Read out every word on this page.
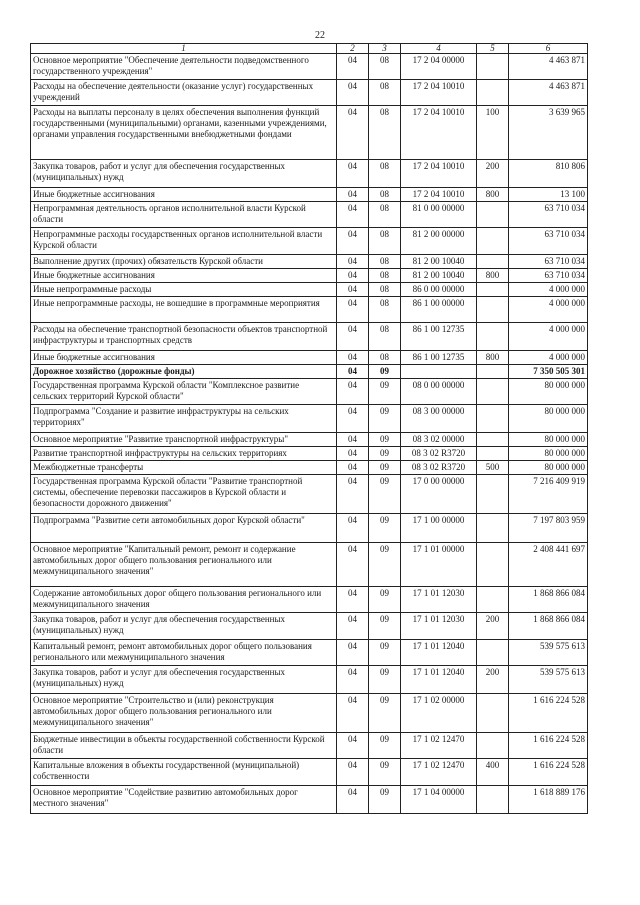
22
1	2	3	4	5	6
Основное мероприятие "Обеспечение деятельности подведомственного государственного учреждения"	04	08	17 2 04 00000		4 463 871
Расходы на обеспечение деятельности (оказание услуг) государственных учреждений	04	08	17 2 04 10010		4 463 871
Расходы на выплаты персоналу в целях обеспечения выполнения функций государственными (муниципальными) органами, казенными учреждениями, органами управления государственными внебюджетными фондами	04	08	17 2 04 10010	100	3 639 965
Закупка товаров, работ и услуг для обеспечения государственных (муниципальных) нужд	04	08	17 2 04 10010	200	810 806
Иные бюджетные ассигнования	04	08	17 2 04 10010	800	13 100
Непрограммная деятельность органов исполнительной власти Курской области	04	08	81 0 00 00000		63 710 034
Непрограммные расходы государственных органов исполнительной власти Курской области	04	08	81 2 00 00000		63 710 034
Выполнение других (прочих) обязательств Курской области	04	08	81 2 00 10040		63 710 034
Иные бюджетные ассигнования	04	08	81 2 00 10040	800	63 710 034
Иные непрограммные расходы	04	08	86 0 00 00000		4 000 000
Иные непрограммные расходы, не вошедшие в программные мероприятия	04	08	86 1 00 00000		4 000 000
Расходы на обеспечение транспортной безопасности объектов транспортной инфраструктуры и транспортных средств	04	08	86 1 00 12735		4 000 000
Иные бюджетные ассигнования	04	08	86 1 00 12735	800	4 000 000
Дорожное хозяйство (дорожные фонды)	04	09			7 350 505 301
Государственная программа Курской области "Комплексное развитие сельских территорий Курской области"	04	09	08 0 00 00000		80 000 000
Подпрограмма "Создание и развитие инфраструктуры на сельских территориях"	04	09	08 3 00 00000		80 000 000
Основное мероприятие "Развитие транспортной инфраструктуры"	04	09	08 3 02 00000		80 000 000
Развитие транспортной инфраструктуры на сельских территориях	04	09	08 3 02 R3720		80 000 000
Межбюджетные трансферты	04	09	08 3 02 R3720	500	80 000 000
Государственная программа Курской области "Развитие транспортной системы, обеспечение перевозки пассажиров в Курской области и безопасности дорожного движения"	04	09	17 0 00 00000		7 216 409 919
Подпрограмма "Развитие сети автомобильных дорог Курской области"	04	09	17 1 00 00000		7 197 803 959
Основное мероприятие "Капитальный ремонт, ремонт и содержание автомобильных дорог общего пользования регионального или межмуниципального значения"	04	09	17 1 01 00000		2 408 441 697
Содержание автомобильных дорог общего пользования регионального или межмуниципального значения	04	09	17 1 01 12030		1 868 866 084
Закупка товаров, работ и услуг для обеспечения государственных (муниципальных) нужд	04	09	17 1 01 12030	200	1 868 866 084
Капитальный ремонт, ремонт автомобильных дорог общего пользования регионального или межмуниципального значения	04	09	17 1 01 12040		539 575 613
Закупка товаров, работ и услуг для обеспечения государственных (муниципальных) нужд	04	09	17 1 01 12040	200	539 575 613
Основное мероприятие "Строительство и (или) реконструкция автомобильных дорог общего пользования регионального или межмуниципального значения"	04	09	17 1 02 00000		1 616 224 528
Бюджетные инвестиции в объекты государственной собственности Курской области	04	09	17 1 02 12470		1 616 224 528
Капитальные вложения в объекты государственной (муниципальной) собственности	04	09	17 1 02 12470	400	1 616 224 528
Основное мероприятие "Содействие развитию автомобильных дорог местного значения"	04	09	17 1 04 00000		1 618 889 176
